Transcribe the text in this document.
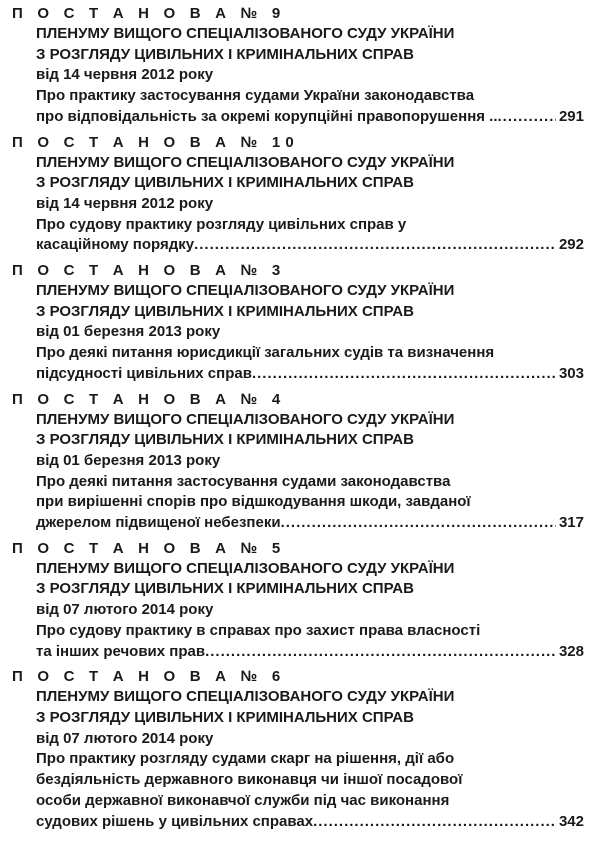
П О С Т А Н О В А № 9
ПЛЕНУМУ ВИЩОГО СПЕЦІАЛІЗОВАНОГО СУДУ УКРАЇНИ
З РОЗГЛЯДУ ЦИВІЛЬНИХ І КРИМІНАЛЬНИХ СПРАВ
від 14 червня 2012 року
Про практику застосування судами України законодавства
про відповідальність за окремі корупційні правопорушення .. .....	291
П О С Т А Н О В А № 10
ПЛЕНУМУ ВИЩОГО СПЕЦІАЛІЗОВАНОГО СУДУ УКРАЇНИ
З РОЗГЛЯДУ ЦИВІЛЬНИХ І КРИМІНАЛЬНИХ СПРАВ
від 14 червня 2012 року
Про судову практику розгляду цивільних справ у
касаційному порядку .....	292
П О С Т А Н О В А № 3
ПЛЕНУМУ ВИЩОГО СПЕЦІАЛІЗОВАНОГО СУДУ УКРАЇНИ
З РОЗГЛЯДУ ЦИВІЛЬНИХ І КРИМІНАЛЬНИХ СПРАВ
від 01 березня 2013 року
Про деякі питання юрисдикції загальних судів та визначення
підсудності цивільних справ .....	303
П О С Т А Н О В А № 4
ПЛЕНУМУ ВИЩОГО СПЕЦІАЛІЗОВАНОГО СУДУ УКРАЇНИ
З РОЗГЛЯДУ ЦИВІЛЬНИХ І КРИМІНАЛЬНИХ СПРАВ
від 01 березня 2013 року
Про деякі питання застосування судами законодавства
при вирішенні спорів про відшкодування шкоди, завданої
джерелом підвищеної небезпеки .....	317
П О С Т А Н О В А № 5
ПЛЕНУМУ ВИЩОГО СПЕЦІАЛІЗОВАНОГО СУДУ УКРАЇНИ
З РОЗГЛЯДУ ЦИВІЛЬНИХ І КРИМІНАЛЬНИХ СПРАВ
від 07 лютого 2014 року
Про судову практику в справах про захист права власності
та інших речових прав .....	328
П О С Т А Н О В А № 6
ПЛЕНУМУ ВИЩОГО СПЕЦІАЛІЗОВАНОГО СУДУ УКРАЇНИ
З РОЗГЛЯДУ ЦИВІЛЬНИХ І КРИМІНАЛЬНИХ СПРАВ
від 07 лютого 2014 року
Про практику розгляду судами скарг на рішення, дії або
бездіяльність державного виконавця чи іншої посадової
особи державної виконавчої служби під час виконання
судових рішень у цивільних справах .....	342
